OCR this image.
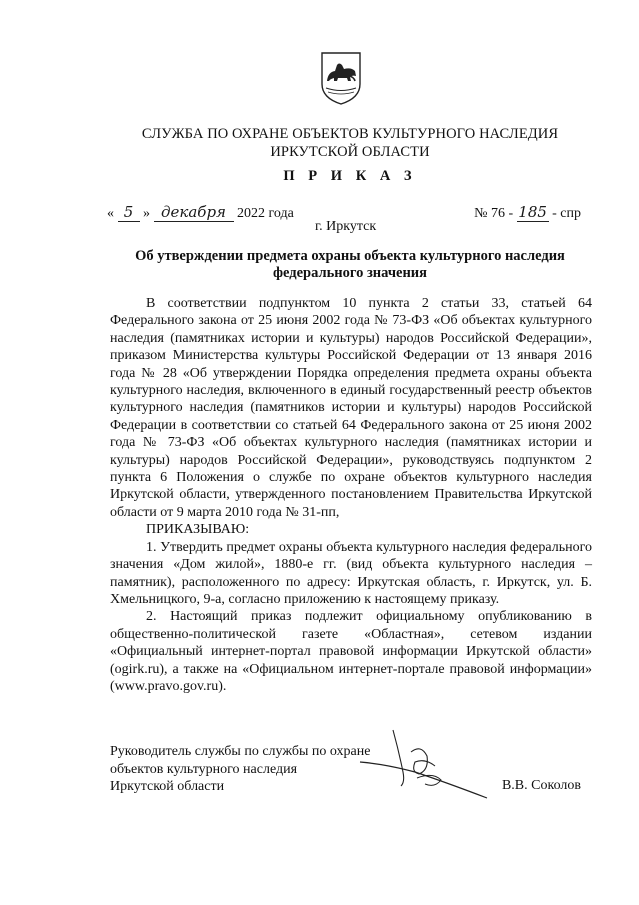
СЛУЖБА ПО ОХРАНЕ ОБЪЕКТОВ КУЛЬТУРНОГО НАСЛЕДИЯ
ИРКУТСКОЙ ОБЛАСТИ
П Р И К А З
« 5 » декабря 2022 года	№ 76 - 185 - спр
г. Иркутск
Об утверждении предмета охраны объекта культурного наследия
федерального значения

В соответствии подпунктом 10 пункта 2 статьи 33, статьей 64 Федерального закона от 25 июня 2002 года № 73-ФЗ «Об объектах культурного наследия (памятниках истории и культуры) народов Российской Федерации», приказом Министерства культуры Российской Федерации от 13 января 2016 года № 28 «Об утверждении Порядка определения предмета охраны объекта культурного наследия, включенного в единый государственный реестр объектов культурного наследия (памятников истории и культуры) народов Российской Федерации в соответствии со статьей 64 Федерального закона от 25 июня 2002 года № 73-ФЗ «Об объектах культурного наследия (памятниках истории и культуры) народов Российской Федерации», руководствуясь подпунктом 2 пункта 6 Положения о службе по охране объектов культурного наследия Иркутской области, утвержденного постановлением Правительства Иркутской области от 9 марта 2010 года № 31-пп,

ПРИКАЗЫВАЮ:

1. Утвердить предмет охраны объекта культурного наследия федерального значения «Дом жилой», 1880-е гг. (вид объекта культурного наследия – памятник), расположенного по адресу: Иркутская область, г. Иркутск, ул. Б. Хмельницкого, 9-а, согласно приложению к настоящему приказу.

2. Настоящий приказ подлежит официальному опубликованию в общественно-политической газете «Областная», сетевом издании «Официальный интернет-портал правовой информации Иркутской области» (ogirk.ru), а также на «Официальном интернет-портале правовой информации» (www.pravo.gov.ru).

Руководитель службы по службы по охране
объектов культурного наследия
Иркутской области	В.В. Соколов
